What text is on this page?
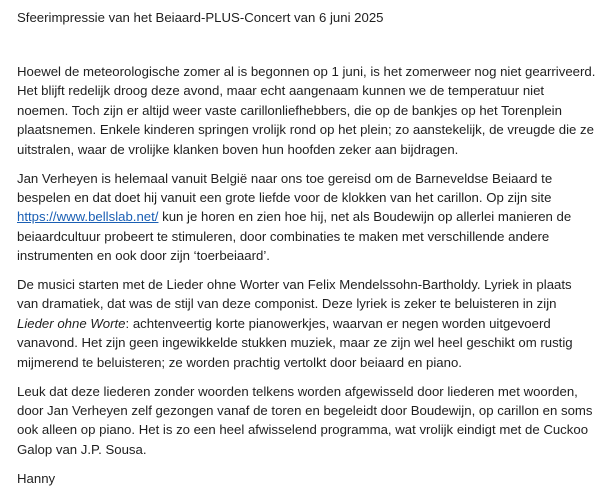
Sfeerimpressie van het Beiaard-PLUS-Concert van 6 juni 2025

Hoewel de meteorologische zomer al is begonnen op 1 juni, is het zomerweer nog niet gearriveerd. Het blijft redelijk droog deze avond, maar echt aangenaam kunnen we de temperatuur niet noemen. Toch zijn er altijd weer vaste carillonliefhebbers, die op de bankjes op het Torenplein plaatsnemen. Enkele kinderen springen vrolijk rond op het plein; zo aanstekelijk, de vreugde die ze uitstralen, waar de vrolijke klanken boven hun hoofden zeker aan bijdragen.

Jan Verheyen is helemaal vanuit België naar ons toe gereisd om de Barneveldse Beiaard te bespelen en dat doet hij vanuit een grote liefde voor de klokken van het carillon. Op zijn site https://www.bellslab.net/ kun je horen en zien hoe hij, net als Boudewijn op allerlei manieren de beiaardcultuur probeert te stimuleren, door combinaties te maken met verschillende andere instrumenten en ook door zijn ‘toerbeiaard’.

De musici starten met de Lieder ohne Worter van Felix Mendelssohn-Bartholdy. Lyriek in plaats van dramatiek, dat was de stijl van deze componist. Deze lyriek is zeker te beluisteren in zijn Lieder ohne Worte: achtenveertig korte pianowerkjes, waarvan er negen worden uitgevoerd vanavond. Het zijn geen ingewikkelde stukken muziek, maar ze zijn wel heel geschikt om rustig mijmerend te beluisteren; ze worden prachtig vertolkt door beiaard en piano.

Leuk dat deze liederen zonder woorden telkens worden afgewisseld door liederen met woorden, door Jan Verheyen zelf gezongen vanaf de toren en begeleidt door Boudewijn, op carillon en soms ook alleen op piano. Het is zo een heel afwisselend programma, wat vrolijk eindigt met de Cuckoo Galop van J.P. Sousa.

Hanny
